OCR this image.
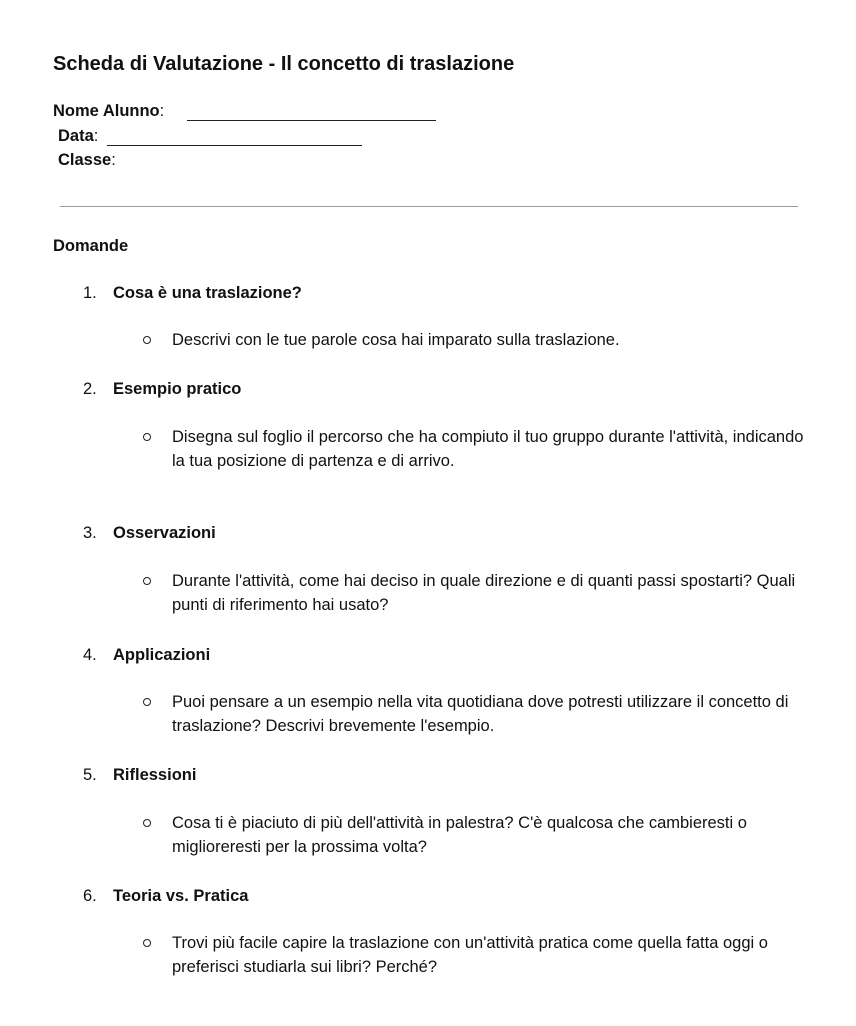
Scheda di Valutazione - Il concetto di traslazione
Nome Alunno:
Data:
Classe:
Domande
1. Cosa è una traslazione?
Descrivi con le tue parole cosa hai imparato sulla traslazione.
2. Esempio pratico
Disegna sul foglio il percorso che ha compiuto il tuo gruppo durante l'attività, indicando la tua posizione di partenza e di arrivo.
3. Osservazioni
Durante l'attività, come hai deciso in quale direzione e di quanti passi spostarti? Quali punti di riferimento hai usato?
4. Applicazioni
Puoi pensare a un esempio nella vita quotidiana dove potresti utilizzare il concetto di traslazione? Descrivi brevemente l'esempio.
5. Riflessioni
Cosa ti è piaciuto di più dell'attività in palestra? C'è qualcosa che cambieresti o miglioreresti per la prossima volta?
6. Teoria vs. Pratica
Trovi più facile capire la traslazione con un'attività pratica come quella fatta oggi o preferisci studiarla sui libri? Perché?
